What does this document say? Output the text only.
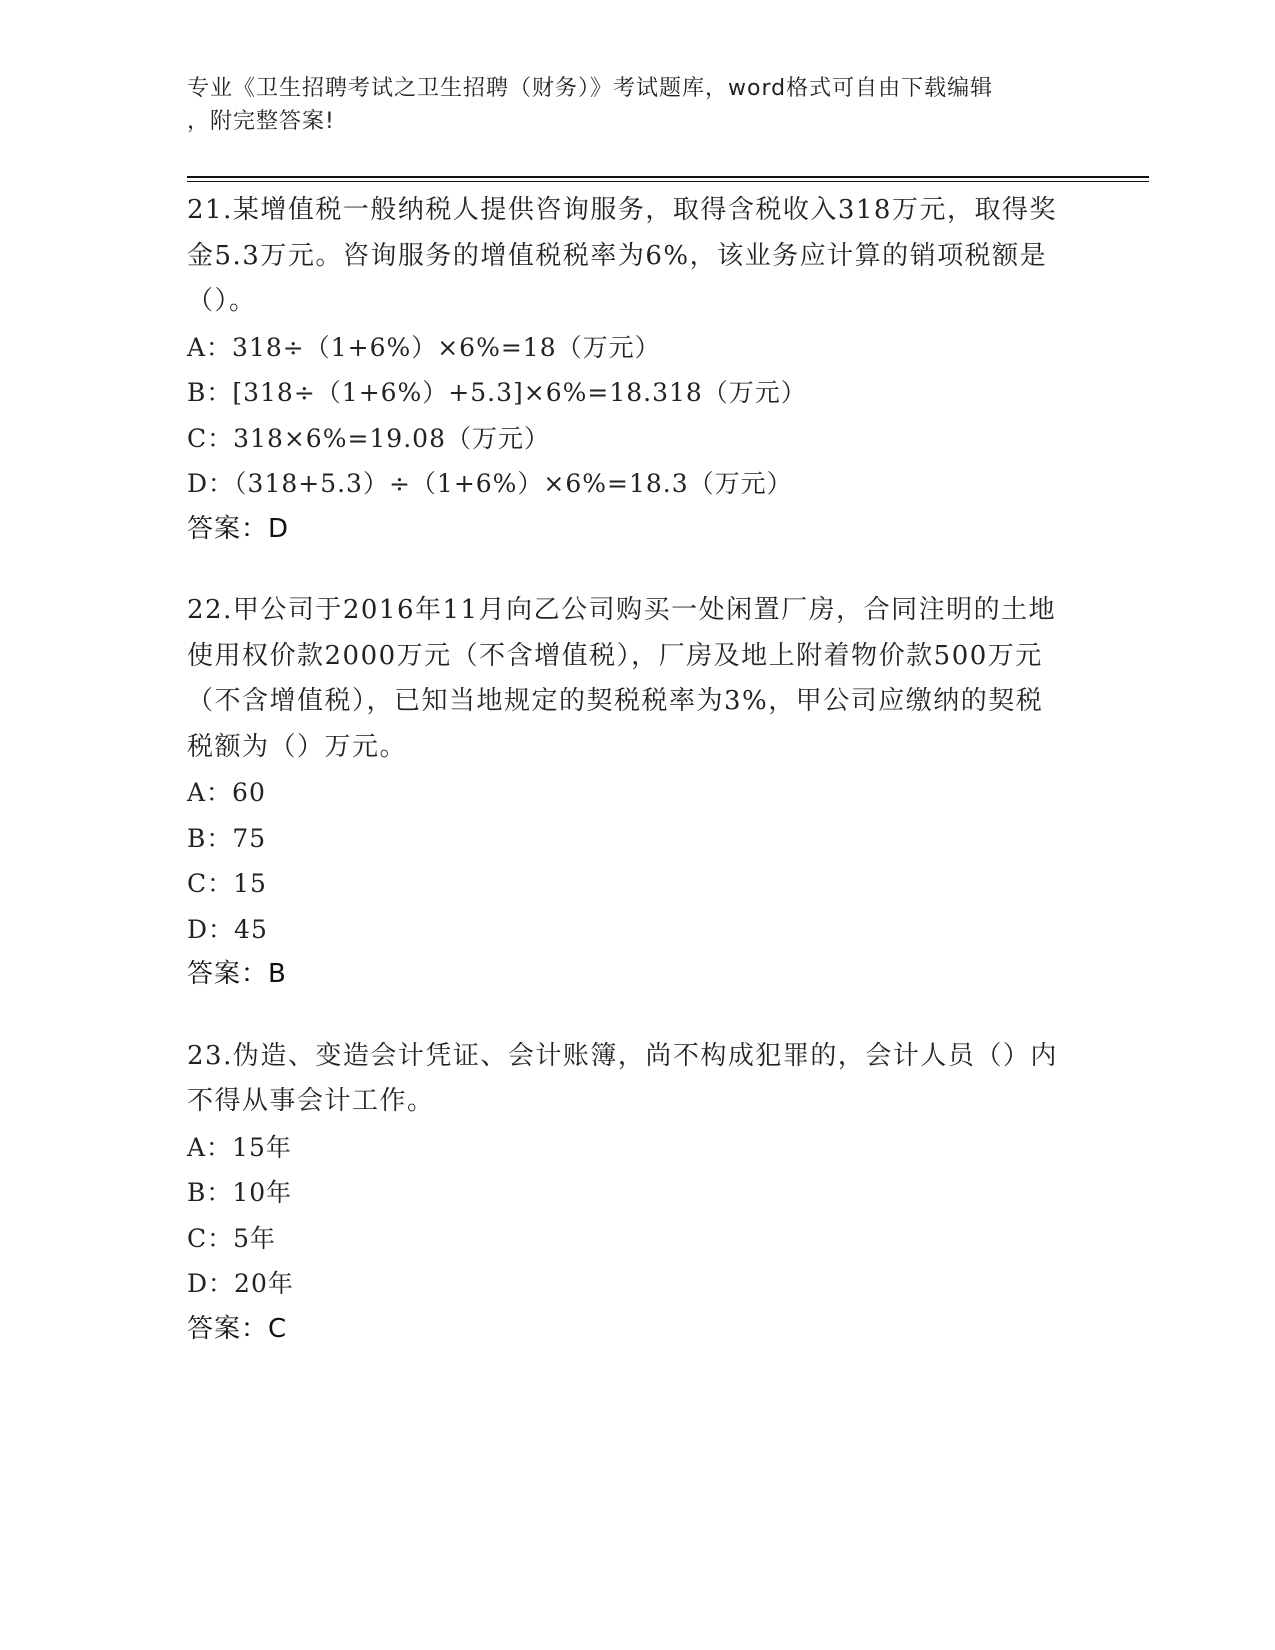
专业《卫生招聘考试之卫生招聘（财务）》考试题库，word格式可自由下载编辑
，附完整答案!

21.某增值税一般纳税人提供咨询服务，取得含税收入318万元，取得奖金5.3万元。咨询服务的增值税税率为6%，该业务应计算的销项税额是（）。

A：318÷（1+6%）×6%=18（万元）

B：[318÷（1+6%）+5.3]×6%=18.318（万元）

C：318×6%=19.08（万元）

D：（318+5.3）÷（1+6%）×6%=18.3（万元）

答案：D

22.甲公司于2016年11月向乙公司购买一处闲置厂房，合同注明的土地使用权价款2000万元（不含增值税），厂房及地上附着物价款500万元（不含增值税），已知当地规定的契税税率为3%，甲公司应缴纳的契税税额为（）万元。

A：60

B：75

C：15

D：45

答案：B

23.伪造、变造会计凭证、会计账簿，尚不构成犯罪的，会计人员（）内不得从事会计工作。

A：15年

B：10年

C：5年

D：20年

答案：C
